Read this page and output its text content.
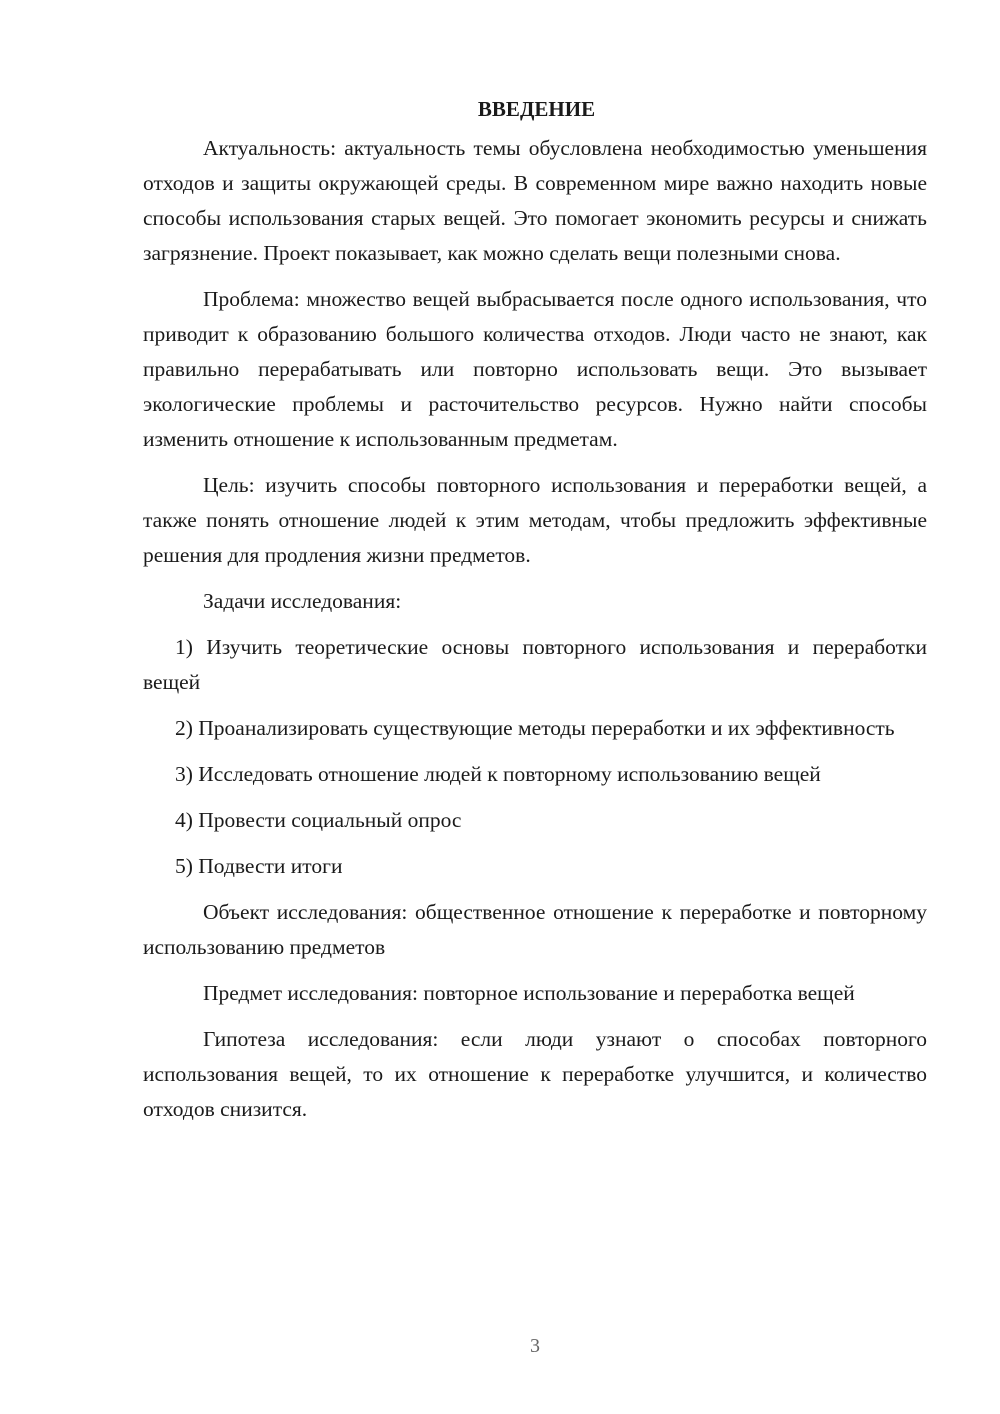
ВВЕДЕНИЕ

Актуальность: актуальность темы обусловлена необходимостью уменьшения отходов и защиты окружающей среды. В современном мире важно находить новые способы использования старых вещей. Это помогает экономить ресурсы и снижать загрязнение. Проект показывает, как можно сделать вещи полезными снова.

Проблема: множество вещей выбрасывается после одного использования, что приводит к образованию большого количества отходов. Люди часто не знают, как правильно перерабатывать или повторно использовать вещи. Это вызывает экологические проблемы и расточительство ресурсов. Нужно найти способы изменить отношение к использованным предметам.

Цель: изучить способы повторного использования и переработки вещей, а также понять отношение людей к этим методам, чтобы предложить эффективные решения для продления жизни предметов.

Задачи исследования:

1) Изучить теоретические основы повторного использования и переработки вещей

2) Проанализировать существующие методы переработки и их эффективность

3) Исследовать отношение людей к повторному использованию вещей

4) Провести социальный опрос

5) Подвести итоги

Объект исследования: общественное отношение к переработке и повторному использованию предметов

Предмет исследования: повторное использование и переработка вещей

Гипотеза исследования: если люди узнают о способах повторного использования вещей, то их отношение к переработке улучшится, и количество отходов снизится.

3
